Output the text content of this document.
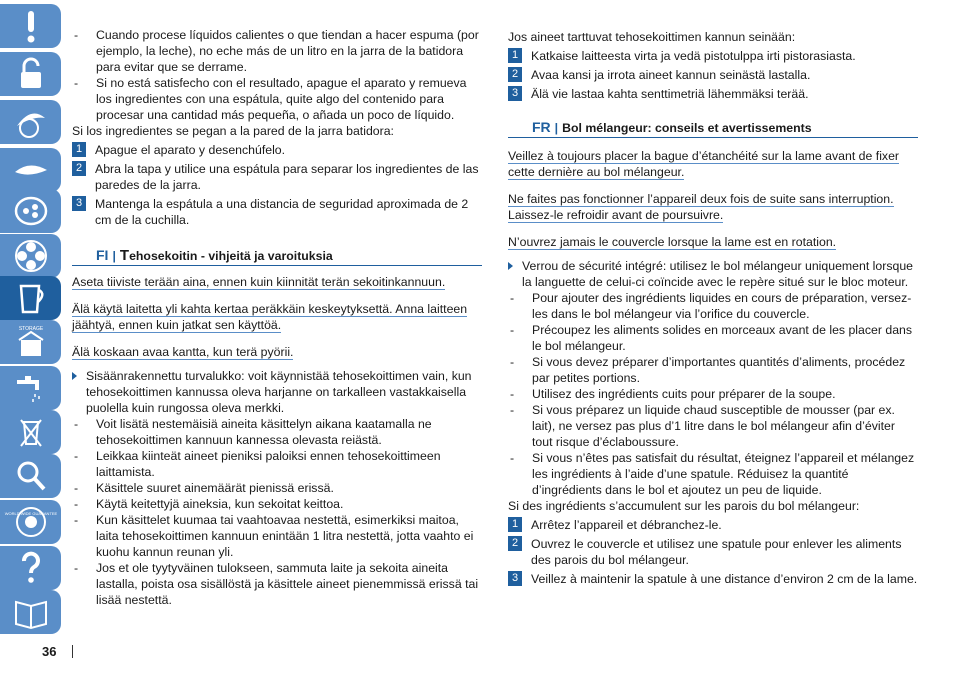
STORAGE
WORLD WIDE GUARANTEE
36
- Cuando procese líquidos calientes o que tiendan a hacer espuma (por ejemplo, la leche), no eche más de un litro en la jarra de la batidora para evitar que se derrame.
- Si no está satisfecho con el resultado, apague el aparato y remueva los ingredientes con una espátula, quite algo del contenido para procesar una cantidad más pequeña, o añada un poco de líquido.

Si los ingredientes se pegan a la pared de la jarra batidora:

1	Apague el aparato y desenchúfelo.
2	Abra la tapa y utilice una espátula para separar los ingredientes de las paredes de la jarra.
3	Mantenga la espátula a una distancia de seguridad aproximada de 2 cm de la cuchilla.
FI | Tehosekoitin - vihjeitä ja varoituksia
Aseta tiiviste terään aina, ennen kuin kiinnität terän sekoitinkannuun.
Älä käytä laitetta yli kahta kertaa peräkkäin keskeytyksettä. Anna laitteen jäähtyä, ennen kuin jatkat sen käyttöä.
Älä koskaan avaa kantta, kun terä pyörii.
Sisäänrakennettu turvalukko: voit käynnistää tehosekoittimen vain, kun tehosekoittimen kannussa oleva harjanne on tarkalleen vastakkaisella puolella kuin rungossa oleva merkki.
- Voit lisätä nestemäisiä aineita käsittelyn aikana kaatamalla ne tehosekoittimen kannuun kannessa olevasta reiästä.
- Leikkaa kiinteät aineet pieniksi paloiksi ennen tehosekoittimeen laittamista.
- Käsittele suuret ainemäärät pienissä erissä.
- Käytä keitettyjä aineksia, kun sekoitat keittoa.
- Kun käsittelet kuumaa tai vaahtoavaa nestettä, esimerkiksi maitoa, laita tehosekoittimen kannuun enintään 1 litra nestettä, jotta vaahto ei kuohu kannun reunan yli.
- Jos et ole tyytyväinen tulokseen, sammuta laite ja sekoita aineita lastalla, poista osa sisällöstä ja käsittele aineet pienemmissä erissä tai lisää nestettä.

Jos aineet tarttuvat tehosekoittimen kannun seinään:

1	Katkaise laitteesta virta ja vedä pistotulppa irti pistorasiasta.
2	Avaa kansi ja irrota aineet kannun seinästä lastalla.
3	Älä vie lastaa kahta senttimetriä lähemmäksi terää.
FR | Bol mélangeur: conseils et avertissements
Veillez à toujours placer la bague d’étanchéité sur la lame avant de fixer cette dernière au bol mélangeur.
Ne faites pas fonctionner l’appareil deux fois de suite sans interruption. Laissez-le refroidir avant de poursuivre.
N’ouvrez jamais le couvercle lorsque la lame est en rotation.
Verrou de sécurité intégré: utilisez le bol mélangeur uniquement lorsque la languette de celui-ci coïncide avec le repère situé sur le bloc moteur.
- Pour ajouter des ingrédients liquides en cours de préparation, versez-les dans le bol mélangeur via l’orifice du couvercle.
- Précoupez les aliments solides en morceaux avant de les placer dans le bol mélangeur.
- Si vous devez préparer d’importantes quantités d’aliments, procédez par petites portions.
- Utilisez des ingrédients cuits pour préparer de la soupe.
- Si vous préparez un liquide chaud susceptible de mousser (par ex. lait), ne versez pas plus d’1 litre dans le bol mélangeur afin d’éviter tout risque d’éclaboussure.
- Si vous n’êtes pas satisfait du résultat, éteignez l’appareil et mélangez les ingrédients à l’aide d’une spatule. Réduisez la quantité d’ingrédients dans le bol et ajoutez un peu de liquide.

Si des ingrédients s’accumulent sur les parois du bol mélangeur:

1	Arrêtez l’appareil et débranchez-le.
2	Ouvrez le couvercle et utilisez une spatule pour enlever les aliments des parois du bol mélangeur.
3	Veillez à maintenir la spatule à une distance d’environ 2 cm de la lame.
